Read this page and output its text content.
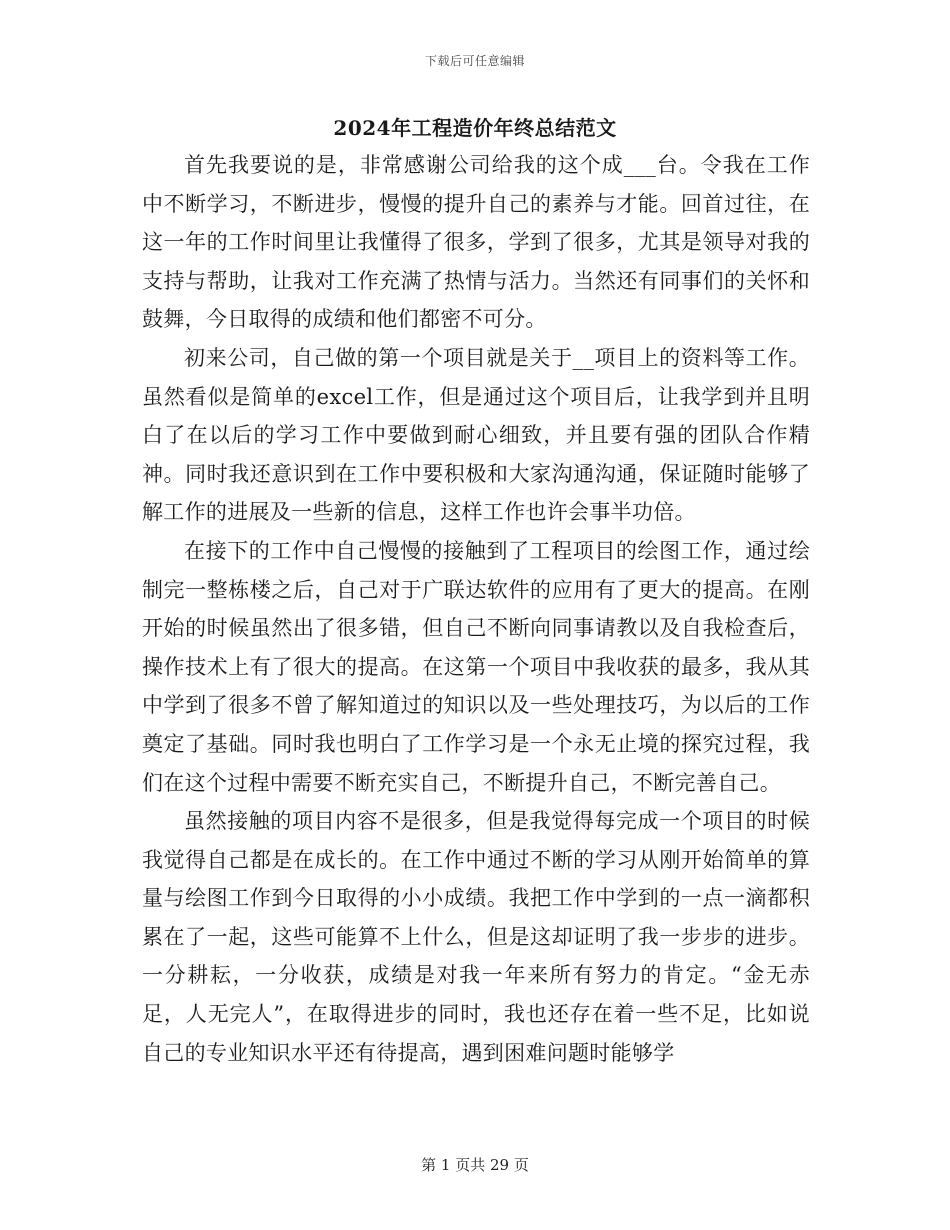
下载后可任意编辑
2024年工程造价年终总结范文

首先我要说的是，非常感谢公司给我的这个成___台。令我在工作中不断学习，不断进步，慢慢的提升自己的素养与才能。回首过往，在这一年的工作时间里让我懂得了很多，学到了很多，尤其是领导对我的支持与帮助，让我对工作充满了热情与活力。当然还有同事们的关怀和鼓舞，今日取得的成绩和他们都密不可分。

初来公司，自己做的第一个项目就是关于__项目上的资料等工作。虽然看似是简单的excel工作，但是通过这个项目后，让我学到并且明白了在以后的学习工作中要做到耐心细致，并且要有强的团队合作精神。同时我还意识到在工作中要积极和大家沟通沟通，保证随时能够了解工作的进展及一些新的信息，这样工作也许会事半功倍。

在接下的工作中自己慢慢的接触到了工程项目的绘图工作，通过绘制完一整栋楼之后，自己对于广联达软件的应用有了更大的提高。在刚开始的时候虽然出了很多错，但自己不断向同事请教以及自我检查后，操作技术上有了很大的提高。在这第一个项目中我收获的最多，我从其中学到了很多不曾了解知道过的知识以及一些处理技巧，为以后的工作奠定了基础。同时我也明白了工作学习是一个永无止境的探究过程，我们在这个过程中需要不断充实自己，不断提升自己，不断完善自己。

虽然接触的项目内容不是很多，但是我觉得每完成一个项目的时候我觉得自己都是在成长的。在工作中通过不断的学习从刚开始简单的算量与绘图工作到今日取得的小小成绩。我把工作中学到的一点一滴都积累在了一起，这些可能算不上什么，但是这却证明了我一步步的进步。一分耕耘，一分收获，成绩是对我一年来所有努力的肯定。“金无赤足，人无完人”，在取得进步的同时，我也还存在着一些不足，比如说自己的专业知识水平还有待提高，遇到困难问题时能够学

第 1 页共 29 页
